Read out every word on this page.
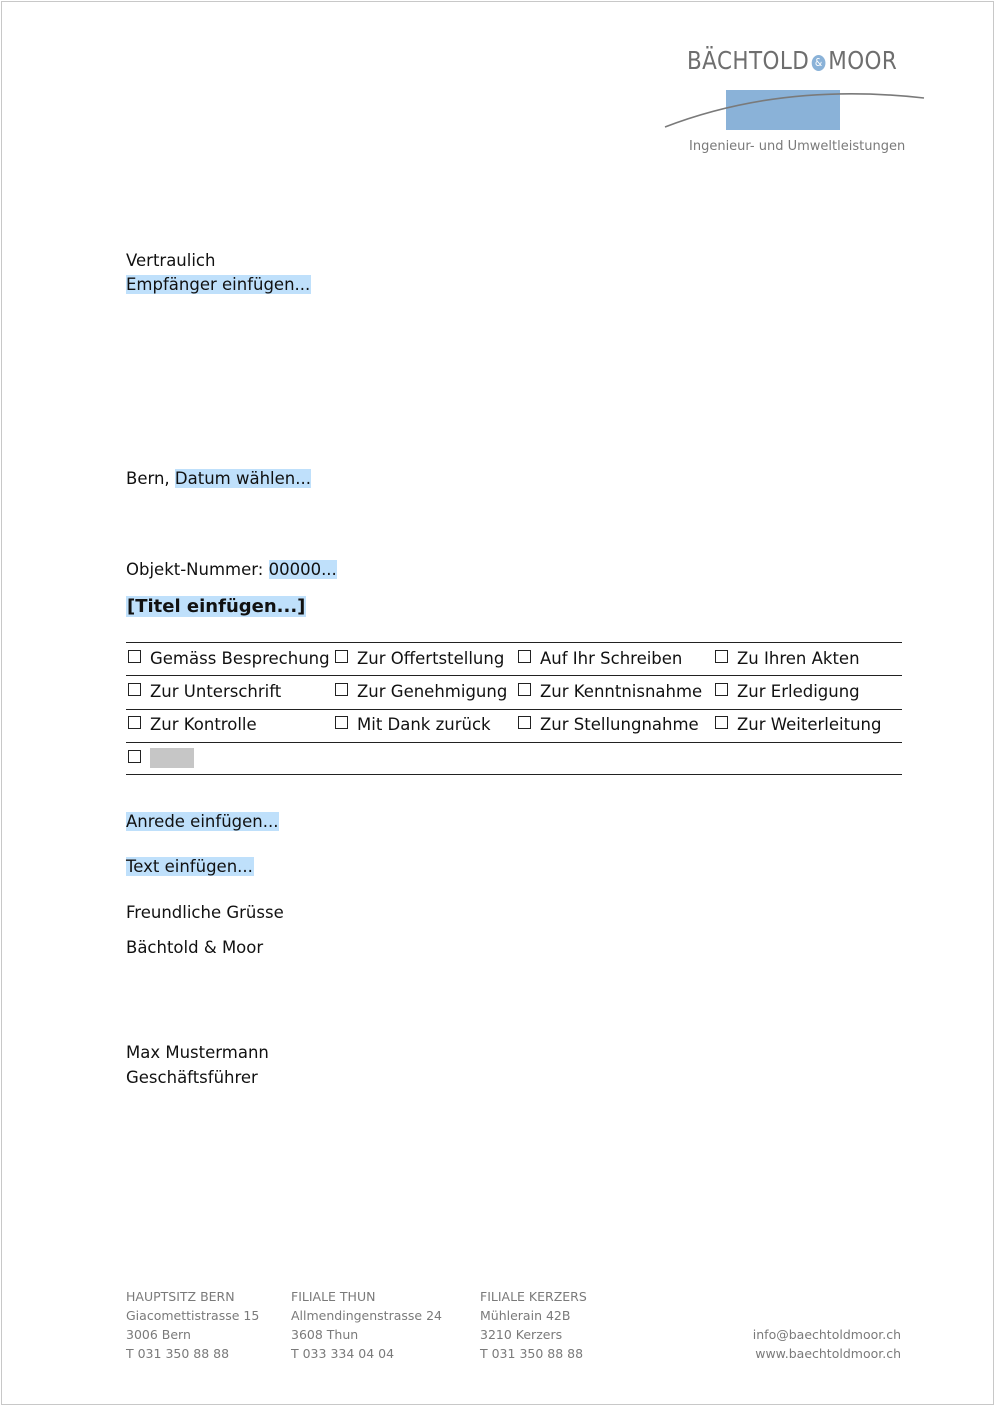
BÄCHTOLD & MOOR
AG
Ingenieur- und Umweltleistungen
Vertraulich
Empfänger einfügen...
Bern, Datum wählen...
Objekt-Nummer: 00000...
[Titel einfügen...]
Gemäss Besprechung	Zur Offertstellung	Auf Ihr Schreiben	Zu Ihren Akten
Zur Unterschrift	Zur Genehmigung	Zur Kenntnisnahme	Zur Erledigung
Zur Kontrolle	Mit Dank zurück	Zur Stellungnahme	Zur Weiterleitung
Anrede einfügen...
Text einfügen...
Freundliche Grüsse
Bächtold & Moor
Max Mustermann
Geschäftsführer
HAUPTSITZ BERN
Giacomettistrasse 15
3006 Bern
T 031 350 88 88
FILIALE THUN
Allmendingenstrasse 24
3608 Thun
T 033 334 04 04
FILIALE KERZERS
Mühlerain 42B
3210 Kerzers
T 031 350 88 88
info@baechtoldmoor.ch
www.baechtoldmoor.ch
